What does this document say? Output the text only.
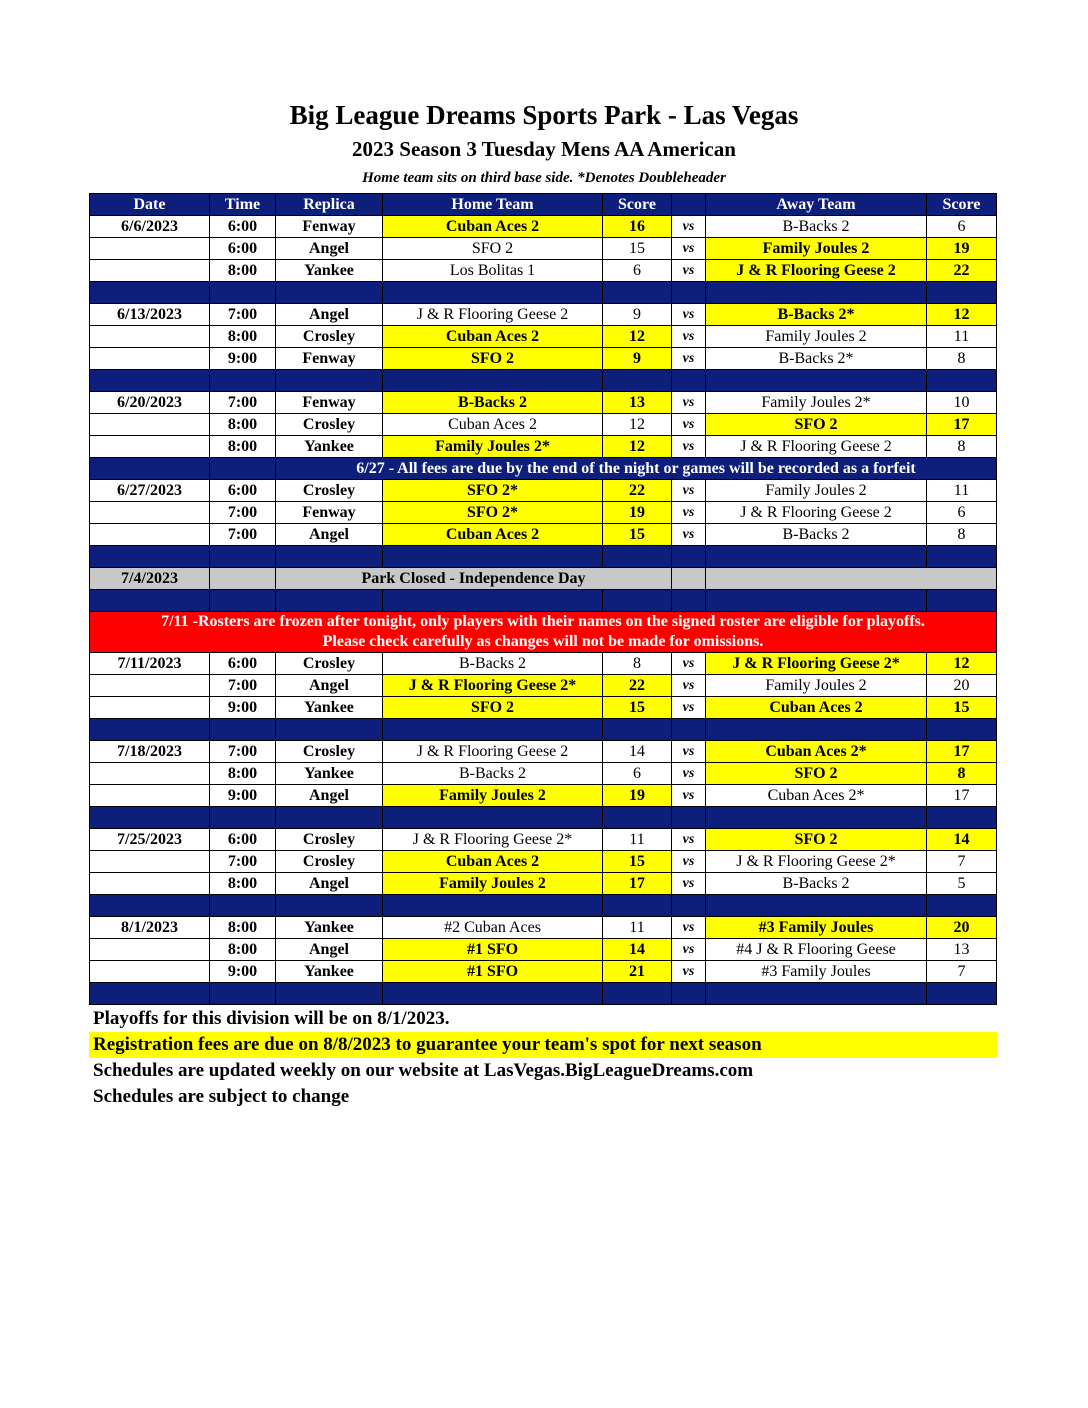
Big League Dreams Sports Park - Las Vegas
2023 Season 3 Tuesday Mens AA American
Home team sits on third base side. *Denotes Doubleheader
Date	Time	Replica	Home Team	Score		Away Team	Score
6/6/2023	6:00	Fenway	Cuban Aces 2	16	vs	B-Backs 2	6
	6:00	Angel	SFO 2	15	vs	Family Joules 2	19
	8:00	Yankee	Los Bolitas 1	6	vs	J & R Flooring Geese 2	22

6/13/2023	7:00	Angel	J & R Flooring Geese 2	9	vs	B-Backs 2*	12
	8:00	Crosley	Cuban Aces 2	12	vs	Family Joules 2	11
	9:00	Fenway	SFO 2	9	vs	B-Backs 2*	8

6/20/2023	7:00	Fenway	B-Backs 2	13	vs	Family Joules 2*	10
	8:00	Crosley	Cuban Aces 2	12	vs	SFO 2	17
	8:00	Yankee	Family Joules 2*	12	vs	J & R Flooring Geese 2	8
		6/27 - All fees are due by the end of the night or games will be recorded as a forfeit					
6/27/2023	6:00	Crosley	SFO 2*	22	vs	Family Joules 2	11
	7:00	Fenway	SFO 2*	19	vs	J & R Flooring Geese 2	6
	7:00	Angel	Cuban Aces 2	15	vs	B-Backs 2	8

7/4/2023		Park Closed - Independence Day					

7/11 -Rosters are frozen after tonight, only players with their names on the signed roster are eligible for playoffs.
Please check carefully as changes will not be made for omissions.							

7/11/2023	6:00	Crosley	B-Backs 2	8	vs	J & R Flooring Geese 2*	12
	7:00	Angel	J & R Flooring Geese 2*	22	vs	Family Joules 2	20
	9:00	Yankee	SFO 2	15	vs	Cuban Aces 2	15

7/18/2023	7:00	Crosley	J & R Flooring Geese 2	14	vs	Cuban Aces 2*	17
	8:00	Yankee	B-Backs 2	6	vs	SFO 2	8
	9:00	Angel	Family Joules 2	19	vs	Cuban Aces 2*	17

7/25/2023	6:00	Crosley	J & R Flooring Geese 2*	11	vs	SFO 2	14
	7:00	Crosley	Cuban Aces 2	15	vs	J & R Flooring Geese 2*	7
	8:00	Angel	Family Joules 2	17	vs	B-Backs 2	5

8/1/2023	8:00	Yankee	#2 Cuban Aces	11	vs	#3 Family Joules	20
	8:00	Angel	#1 SFO	14	vs	#4 J & R Flooring Geese	13
	9:00	Yankee	#1 SFO	21	vs	#3 Family Joules	7

Playoffs for this division will be on 8/1/2023.
Registration fees are due on 8/8/2023 to guarantee your team's spot for next season
Schedules are updated weekly on our website at LasVegas.BigLeagueDreams.com
Schedules are subject to change
